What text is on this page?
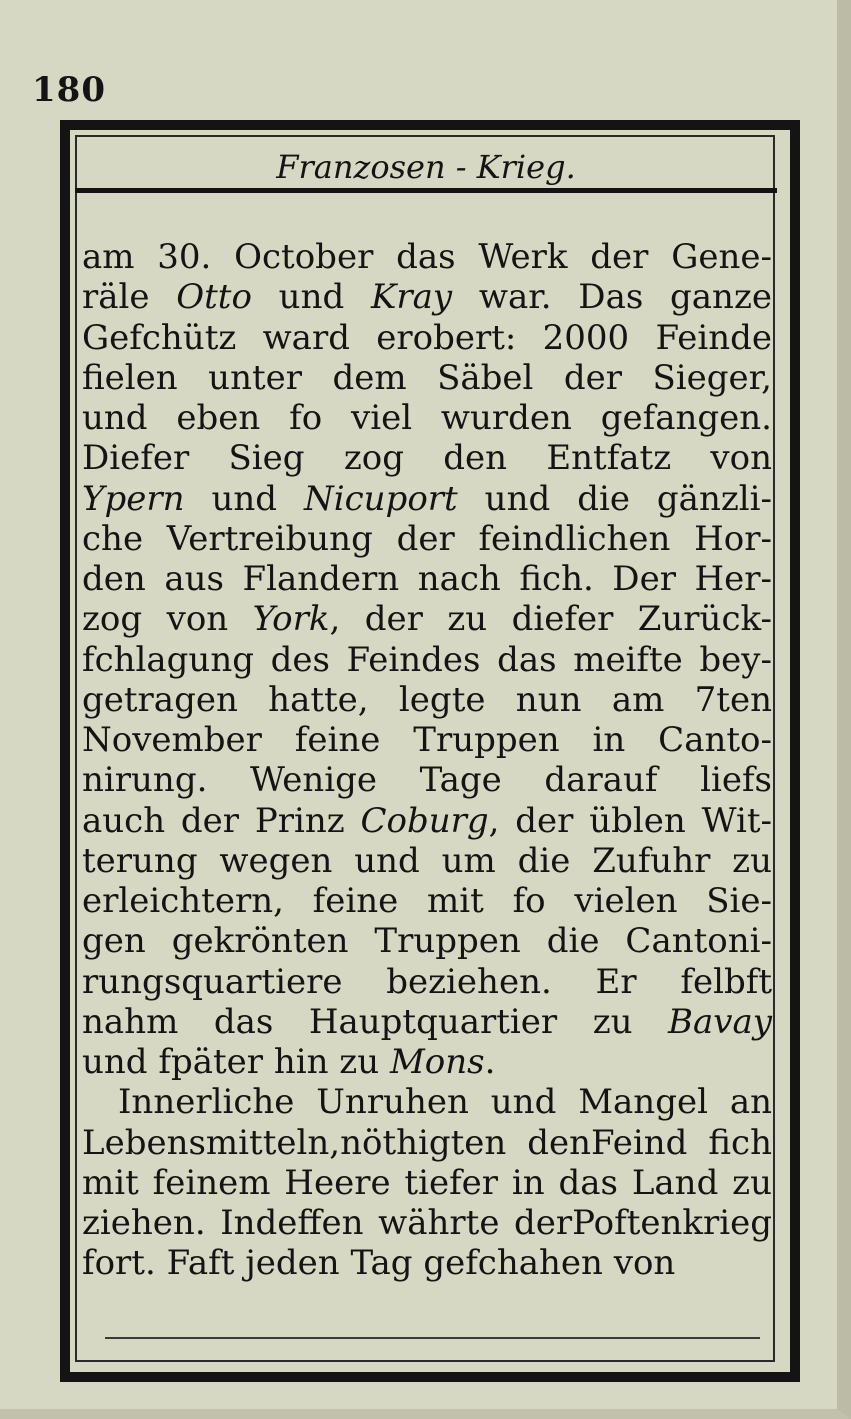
180
Franzosen - Krieg.
am 30. October das Werk der Gene-
räle Otto und Kray war. Das ganze
Gefchütz ward erobert: 2000 Feinde
fielen unter dem Säbel der Sieger,
und eben fo viel wurden gefangen.
Diefer Sieg zog den Entfatz von
Ypern und Nicuport und die gänzli-
che Vertreibung der feindlichen Hor-
den aus Flandern nach fich. Der Her-
zog von York, der zu diefer Zurück-
fchlagung des Feindes das meifte bey-
getragen hatte, legte nun am 7ten
November feine Truppen in Canto-
nirung. Wenige Tage darauf liefs
auch der Prinz Coburg, der üblen Wit-
terung wegen und um die Zufuhr zu
erleichtern, feine mit fo vielen Sie-
gen gekrönten Truppen die Cantoni-
rungsquartiere beziehen. Er felbft
nahm das Hauptquartier zu Bavay
und fpäter hin zu Mons.
Innerliche Unruhen und Mangel an
Lebensmitteln,nöthigten denFeind fich
mit feinem Heere tiefer in das Land zu
ziehen. Indeffen währte derPoftenkrieg
fort. Faft jeden Tag gefchahen von
